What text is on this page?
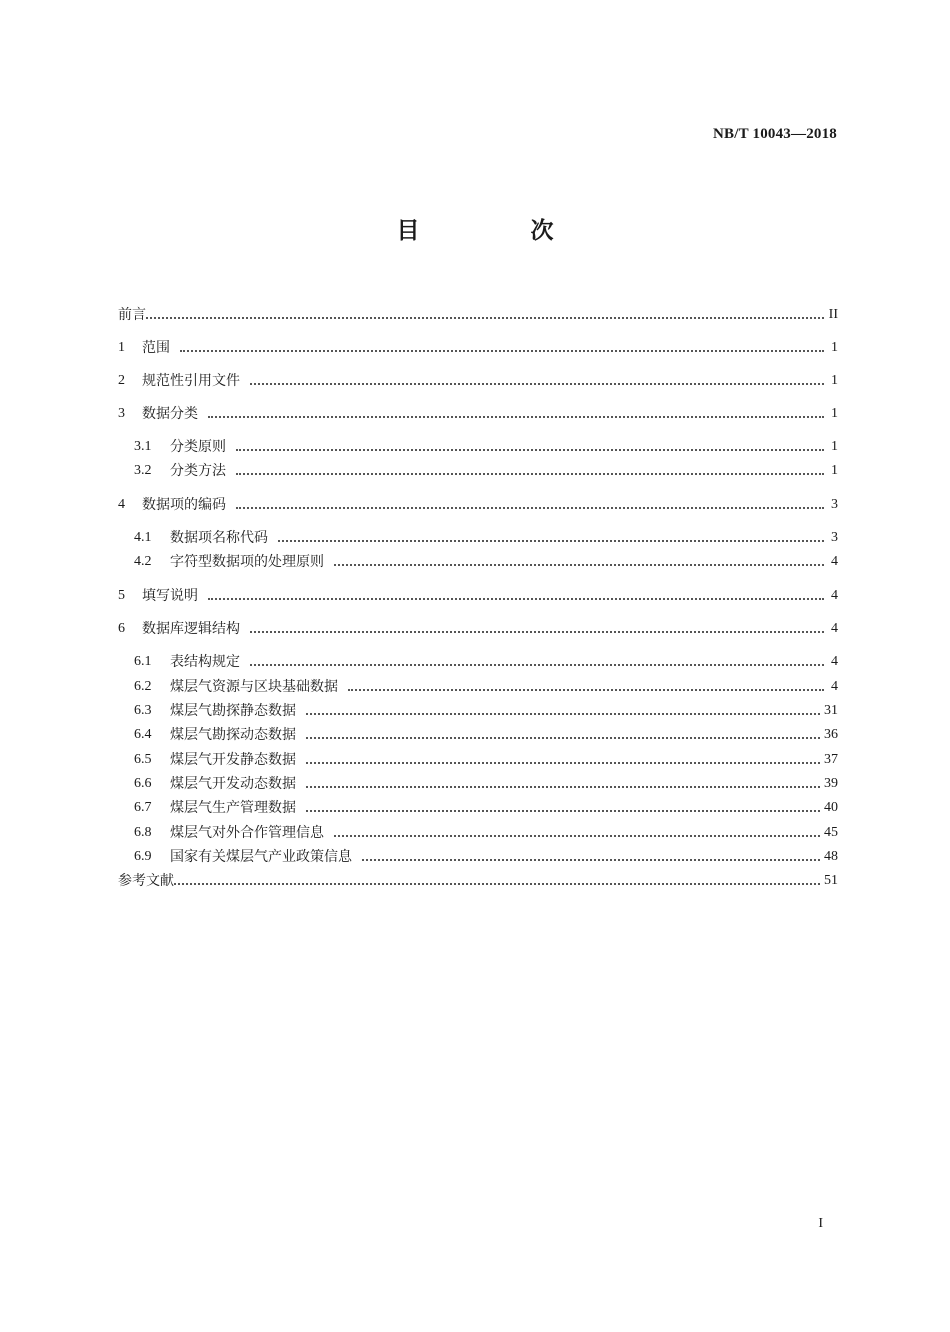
NB/T 10043—2018
目　次
前言	II
1	范围	1
2	规范性引用文件	1
3	数据分类	1
3.1	分类原则	1
3.2	分类方法	1
4	数据项的编码	3
4.1	数据项名称代码	3
4.2	字符型数据项的处理原则	4
5	填写说明	4
6	数据库逻辑结构	4
6.1	表结构规定	4
6.2	煤层气资源与区块基础数据	4
6.3	煤层气勘探静态数据	31
6.4	煤层气勘探动态数据	36
6.5	煤层气开发静态数据	37
6.6	煤层气开发动态数据	39
6.7	煤层气生产管理数据	40
6.8	煤层气对外合作管理信息	45
6.9	国家有关煤层气产业政策信息	48
参考文献	51
I
